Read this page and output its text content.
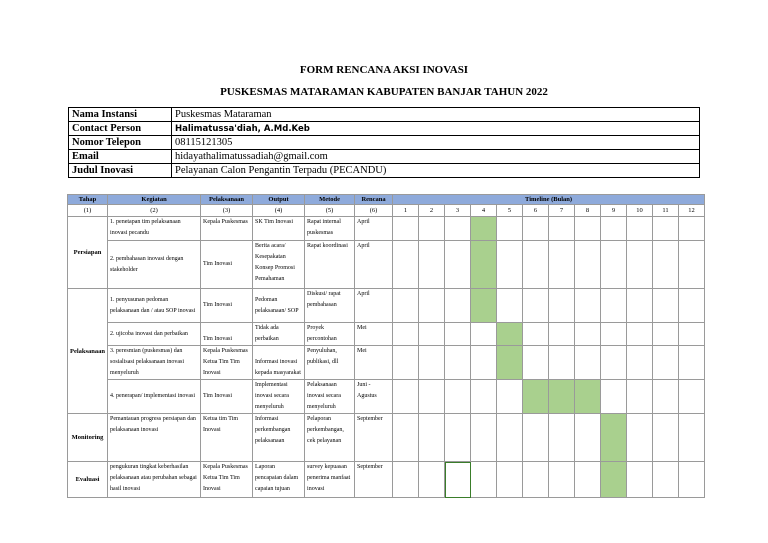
FORM RENCANA AKSI INOVASI
PUSKESMAS MATARAMAN KABUPATEN BANJAR TAHUN 2022
Nama Instansi	Puskesmas Mataraman
Contact Person	Halimatussa'diah, A.Md.Keb
Nomor Telepon	08115121305
Email	hidayathalimatussadiah@gmail.com
Judul Inovasi	Pelayanan Calon Pengantin Terpadu (PECANDU)
Tahap	Kegiatan	Pelaksanaan	Output	Metode	Rencana	Timeline (Bulan)											
(1)	(2)	(3)	(4)	(5)	(6)	1	2	3	4	5	6	7	8	9	10	11	12
Persiapan	1. penetapan tim pelaksanaan inovasi pecandu	Kepala Puskesmas	SK Tim Inovasi	Rapat internal puskesmas	April												
	2. pembahasan inovasi dengan stakeholder	Tim Inovasi	Berita acara/ Kesepakatan Konsep Promosi Pemahaman	Rapat koordinasi	April												
Pelaksanaan	1. penyusunan pedoman pelaksanaan dan / atau SOP inovasi	Tim Inovasi	Pedoman pelaksanaan/ SOP	Diskusi/ rapat pembahasan	April												
	2. ujicoba inovasi dan perbaikan	Tim Inovasi	Tidak ada perbaikan	Proyek percontohan	Mei												
	3. peresmian (puskesmas) dan sosialisasi pelaksanaan inovasi menyeluruh	Kepala Puskesmas Ketua Tim Tim Inovasi	Informasi inovasi kepada masyarakat	Penyuluhan, publikasi, dll	Mei												
	4. penerapan/ implementasi inovasi	Tim Inovasi	Implementasi inovasi secara menyeluruh	Pelaksanaan inovasi secara menyeluruh	Juni - Agustus												
Monitoring	Pemantauan progress persiapan dan pelaksanaan inovasi	Ketua tim Tim Inovasi	Informasi perkembangan pelaksanaan	Pelaporan perkembangan, cek pelayanan	September												
Evaluasi	pengukuran tingkat keberhasilan pelaksanaan atau perubahan sebagai hasil inovasi	Kepala Puskesmas Ketua Tim Tim Inovasi	Laporan pencapaian dalam capaian tujuan	survey kepuasan penerima manfaat inovasi	September												
